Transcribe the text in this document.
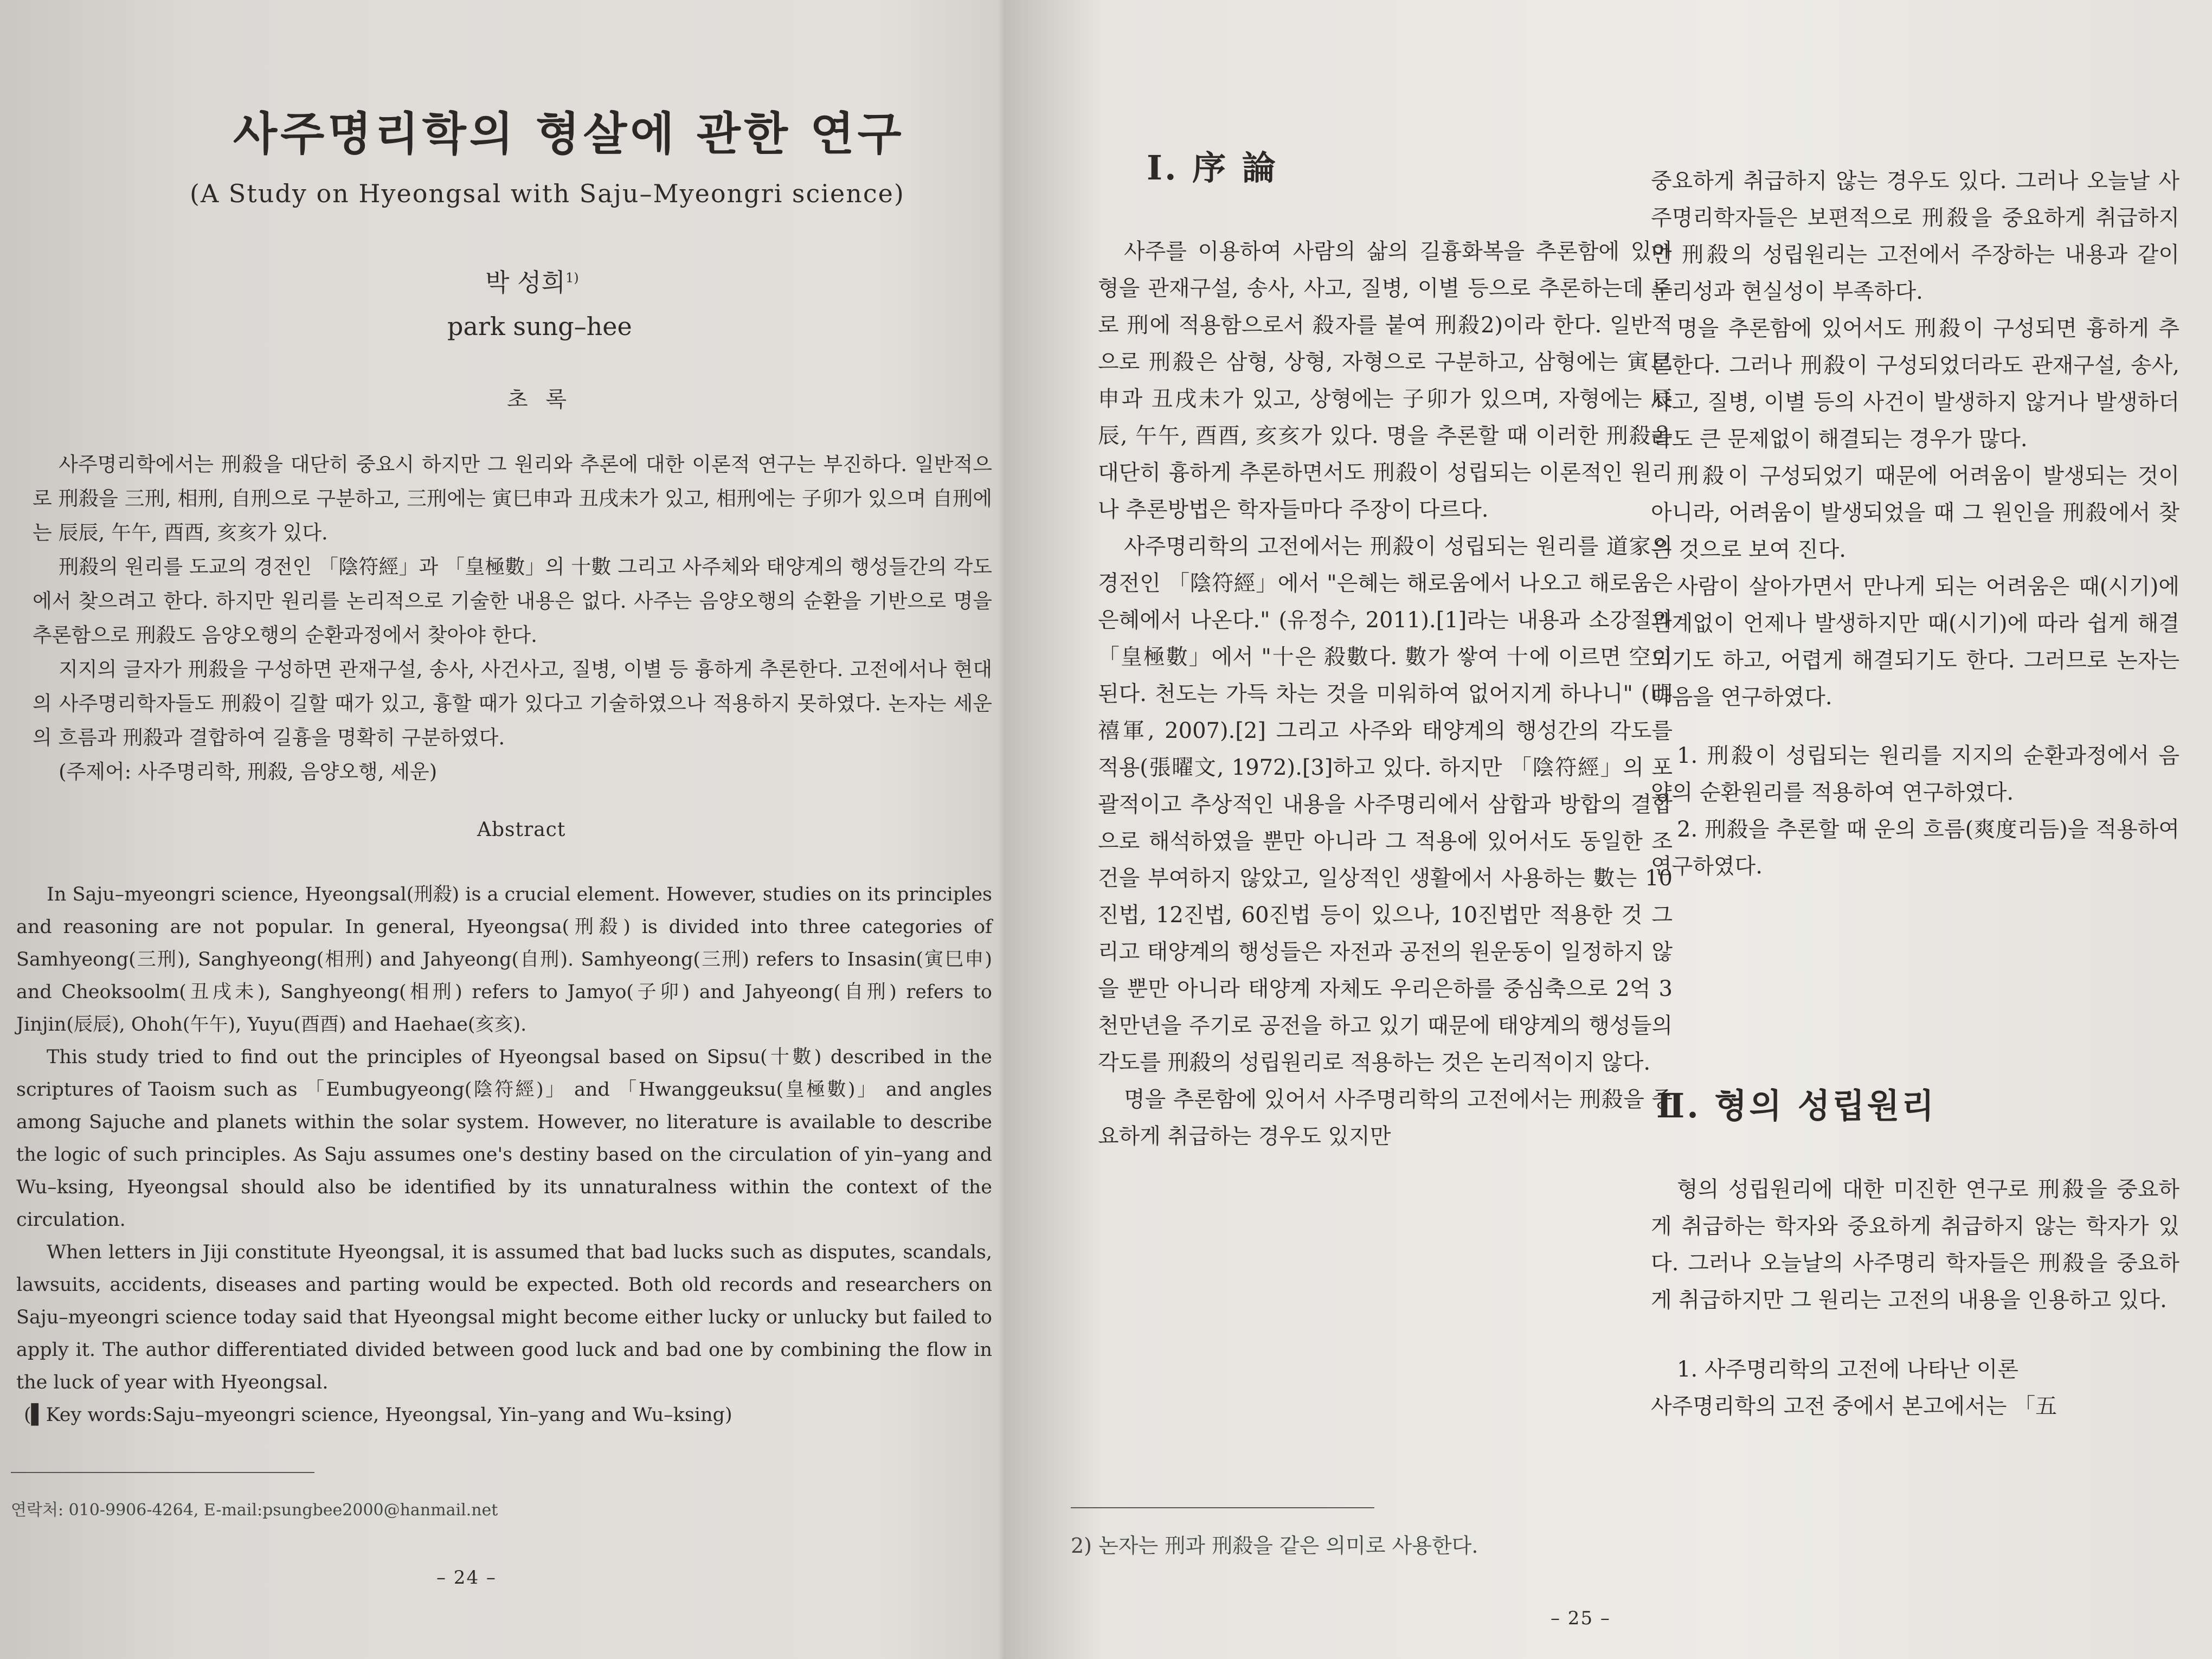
사주명리학의 형살에 관한 연구
(A Study on Hyeongsal with Saju–Myeongri science)
박 성희$^{1)}$
park sung–hee
초 록

사주명리학에서는 刑殺을 대단히 중요시 하지만 그 원리와 추론에 대한 이론적 연구는 부진하다. 일반적으로 刑殺을 三刑, 相刑, 自刑으로 구분하고, 三刑에는 寅巳申과 丑戌未가 있고, 相刑에는 子卯가 있으며 自刑에는 辰辰, 午午, 酉酉, 亥亥가 있다.

刑殺의 원리를 도교의 경전인 「陰符經」과 「皇極數」의 十數 그리고 사주체와 태양계의 행성들간의 각도에서 찾으려고 한다. 하지만 원리를 논리적으로 기술한 내용은 없다. 사주는 음양오행의 순환을 기반으로 명을 추론함으로 刑殺도 음양오행의 순환과정에서 찾아야 한다.

지지의 글자가 刑殺을 구성하면 관재구설, 송사, 사건사고, 질병, 이별 등 흉하게 추론한다. 고전에서나 현대의 사주명리학자들도 刑殺이 길할 때가 있고, 흉할 때가 있다고 기술하였으나 적용하지 못하였다. 논자는 세운의 흐름과 刑殺과 결합하여 길흉을 명확히 구분하였다.

(주제어: 사주명리학, 刑殺, 음양오행, 세운)

Abstract

In Saju–myeongri science, Hyeongsal(刑殺) is a crucial element. However, studies on its principles and reasoning are not popular. In general, Hyeongsa(刑殺) is divided into three categories of Samhyeong(三刑), Sanghyeong(相刑) and Jahyeong(自刑). Samhyeong(三刑) refers to Insasin(寅巳申) and Cheoksoolm(丑戌未), Sanghyeong(相刑) refers to Jamyo(子卯) and Jahyeong(自刑) refers to Jinjin(辰辰), Ohoh(午午), Yuyu(酉酉) and Haehae(亥亥).

This study tried to find out the principles of Hyeongsal based on Sipsu(十數) described in the scriptures of Taoism such as 「Eumbugyeong(陰符經)」 and 「Hwanggeuksu(皇極數)」 and angles among Sajuche and planets within the solar system. However, no literature is available to describe the logic of such principles. As Saju assumes one's destiny based on the circulation of yin–yang and Wu–ksing, Hyeongsal should also be identified by its unnaturalness within the context of the circulation.

When letters in Jiji constitute Hyeongsal, it is assumed that bad lucks such as disputes, scandals, lawsuits, accidents, diseases and parting would be expected. Both old records and researchers on Saju–myeongri science today said that Hyeongsal might become either lucky or unlucky but failed to apply it. The author differentiated divided between good luck and bad one by combining the flow in the luck of year with Hyeongsal.

(▌Key words:Saju–myeongri science, Hyeongsal, Yin–yang and Wu–ksing)

연락처: 010-9906-4264, E-mail:psungbee2000@hanmail.net
– 24 –
Ⅰ. 序 論

사주를 이용하여 사람의 삶의 길흉화복을 추론함에 있어 형을 관재구설, 송사, 사고, 질병, 이별 등으로 추론하는데 주로 刑에 적용함으로서 殺자를 붙여 刑殺2)이라 한다. 일반적으로 刑殺은 삼형, 상형, 자형으로 구분하고, 삼형에는 寅巳申과 丑戌未가 있고, 상형에는 子卯가 있으며, 자형에는 辰辰, 午午, 酉酉, 亥亥가 있다. 명을 추론할 때 이러한 刑殺을 대단히 흉하게 추론하면서도 刑殺이 성립되는 이론적인 원리나 추론방법은 학자들마다 주장이 다르다.

사주명리학의 고전에서는 刑殺이 성립되는 원리를 道家의 경전인 「陰符經」에서 "은혜는 해로움에서 나오고 해로움은 은혜에서 나온다." (유정수, 2011).[1]라는 내용과 소강절의 「皇極數」에서 "十은 殺數다. 數가 쌓여 十에 이르면 空이 된다. 천도는 가득 차는 것을 미워하여 없어지게 하나니" (明禧軍, 2007).[2] 그리고 사주와 태양계의 행성간의 각도를 적용(張曜文, 1972).[3]하고 있다. 하지만 「陰符經」의 포괄적이고 추상적인 내용을 사주명리에서 삼합과 방합의 결합으로 해석하였을 뿐만 아니라 그 적용에 있어서도 동일한 조건을 부여하지 않았고, 일상적인 생활에서 사용하는 數는 10진법, 12진법, 60진법 등이 있으나, 10진법만 적용한 것 그리고 태양계의 행성들은 자전과 공전의 원운동이 일정하지 않을 뿐만 아니라 태양계 자체도 우리은하를 중심축으로 2억 3천만년을 주기로 공전을 하고 있기 때문에 태양계의 행성들의 각도를 刑殺의 성립원리로 적용하는 것은 논리적이지 않다.

명을 추론함에 있어서 사주명리학의 고전에서는 刑殺을 중요하게 취급하는 경우도 있지만

2) 논자는 刑과 刑殺을 같은 의미로 사용한다.

중요하게 취급하지 않는 경우도 있다. 그러나 오늘날 사주명리학자들은 보편적으로 刑殺을 중요하게 취급하지만 刑殺의 성립원리는 고전에서 주장하는 내용과 같이 논리성과 현실성이 부족하다.

명을 추론함에 있어서도 刑殺이 구성되면 흉하게 추론한다. 그러나 刑殺이 구성되었더라도 관재구설, 송사, 사고, 질병, 이별 등의 사건이 발생하지 않거나 발생하더라도 큰 문제없이 해결되는 경우가 많다.

刑殺이 구성되었기 때문에 어려움이 발생되는 것이 아니라, 어려움이 발생되었을 때 그 원인을 刑殺에서 찾은 것으로 보여 진다.

사람이 살아가면서 만나게 되는 어려움은 때(시기)에 관계없이 언제나 발생하지만 때(시기)에 따라 쉽게 해결되기도 하고, 어렵게 해결되기도 한다. 그러므로 논자는 다음을 연구하였다.

1. 刑殺이 성립되는 원리를 지지의 순환과정에서 음양의 순환원리를 적용하여 연구하였다.

2. 刑殺을 추론할 때 운의 흐름(爽度리듬)을 적용하여 연구하였다.

Ⅱ. 형의 성립원리

형의 성립원리에 대한 미진한 연구로 刑殺을 중요하게 취급하는 학자와 중요하게 취급하지 않는 학자가 있다. 그러나 오늘날의 사주명리 학자들은 刑殺을 중요하게 취급하지만 그 원리는 고전의 내용을 인용하고 있다.

1. 사주명리학의 고전에 나타난 이론

사주명리학의 고전 중에서 본고에서는 「五

– 25 –
